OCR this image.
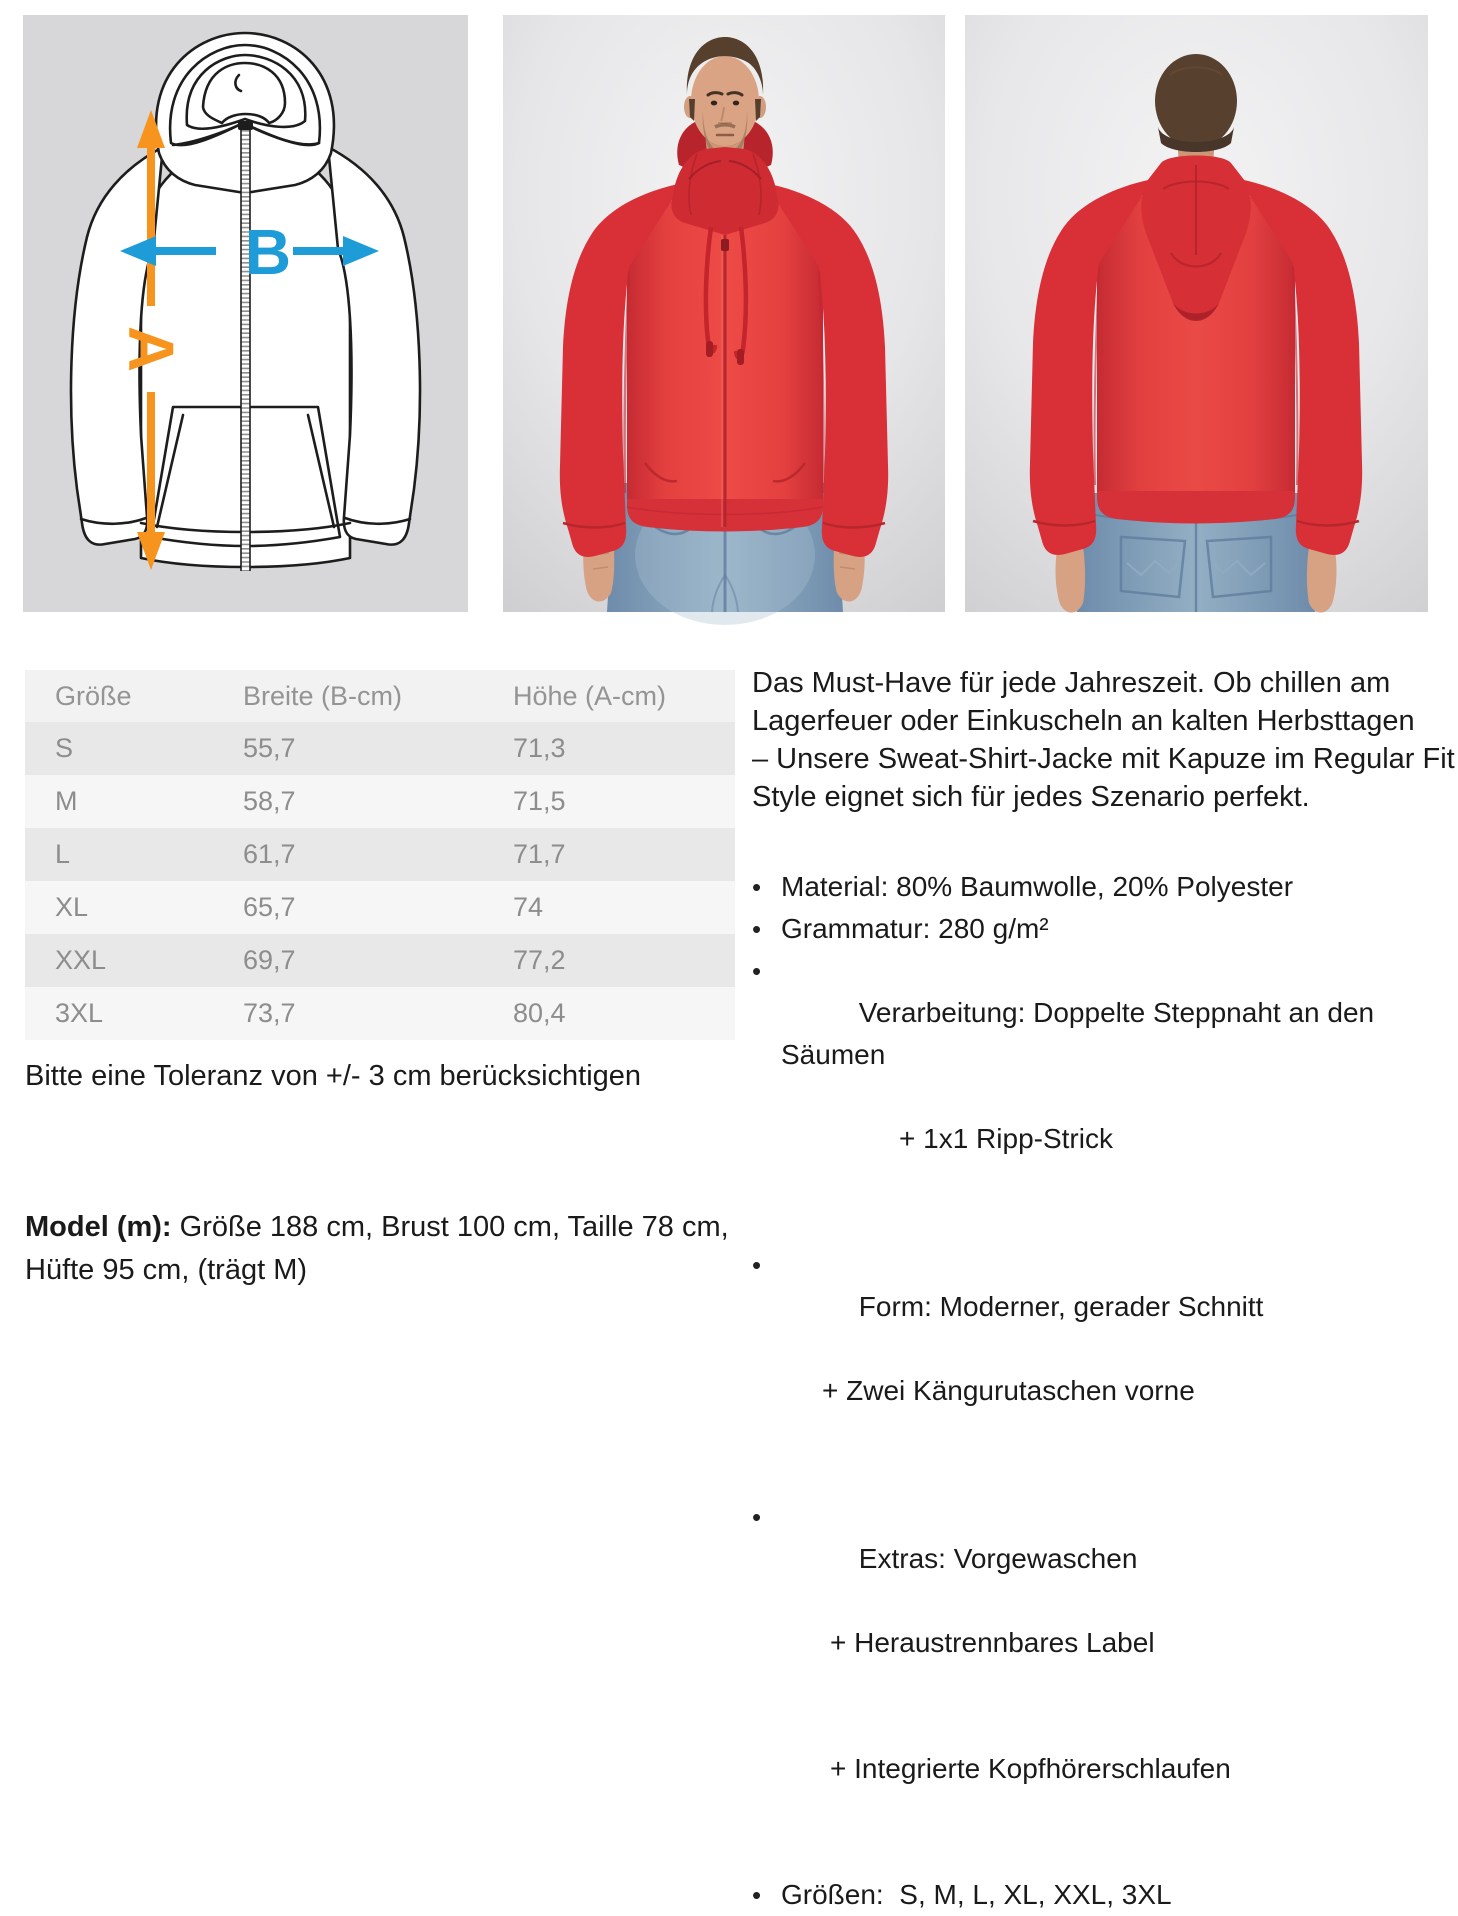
A
B
Größe	Breite (B-cm)	Höhe (A-cm)
S	55,7	71,3
M	58,7	71,5
L	61,7	71,7
XL	65,7	74
XXL	69,7	77,2
3XL	73,7	80,4
Bitte eine Toleranz von +/- 3 cm berücksichtigen
Model (m): Größe 188 cm, Brust 100 cm, Taille 78 cm,
Hüfte 95 cm, (trägt M)
Das Must-Have für jede Jahreszeit. Ob chillen am
Lagerfeuer oder Einkuscheln an kalten Herbsttagen
– Unsere Sweat-Shirt-Jacke mit Kapuze im Regular Fit
Style eignet sich für jedes Szenario perfekt.
• Material: 80% Baumwolle, 20% Polyester
• Grammatur: 280 g/m²
•

Verarbeitung: Doppelte Steppnaht an den Säumen

+ 1x1 Ripp-Strick

•

Form: Moderner, gerader Schnitt

+ Zwei Kängurutaschen vorne

•

Extras: Vorgewaschen

+ Heraustrennbares Label

+ Integrierte Kopfhörerschlaufen

• Größen:  S, M, L, XL, XXL, 3XL
